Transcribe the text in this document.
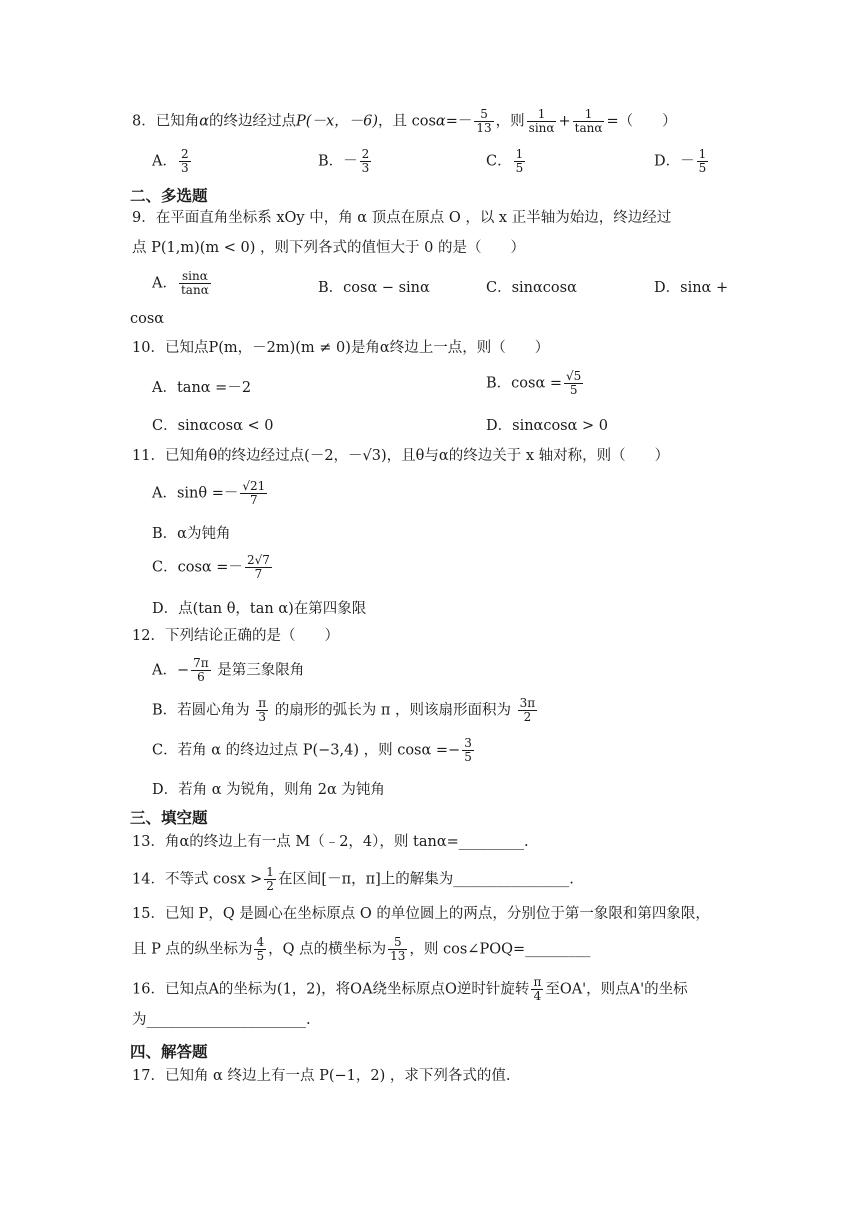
8．已知角α的终边经过点P(－x，－6)，且 $\cos\alpha=- \frac{5}{13}$ ，则 $\frac{1}{\sin\alpha} + \frac{1}{\tan\alpha}$ =（　　）
A． $\frac{2}{3}$	B．－ $\frac{2}{3}$	C． $\frac{1}{5}$	D．－ $\frac{1}{5}$
二、多选题
9．在平面直角坐标系 xOy 中，角 α 顶点在原点 O ，以 x 正半轴为始边，终边经过
点 P(1,m)(m < 0) ，则下列各式的值恒大于 0 的是（　　）
A． $\frac{\sin\alpha}{\tan\alpha}$	B．cosα − sinα	C．sinαcosα	D．sinα +
cosα
10．已知点P(m，－2m)(m ≠ 0)是角α终边上一点，则（　　）
A．tanα =－2	B．$\cos\alpha = \frac{√5}{5}$
C．sinαcosα < 0	D．sinαcosα > 0
11．已知角θ的终边经过点(－2，－√3)，且θ与α的终边关于 x 轴对称，则（　　）
A．$\sin\theta =- \frac{√21}{7}$
B．α为钝角
C．$\cos\alpha =- \frac{2√7}{7}$
D．点(tan θ，tan α)在第四象限
12．下列结论正确的是（　　）
A．− $\frac{7\pi}{6}$ 是第三象限角
B．若圆心角为 $\frac{\pi}{3}$ 的扇形的弧长为 π ，则该扇形面积为 $\frac{3\pi}{2}$
C．若角 α 的终边过点 P(−3,4) ，则 $\cos\alpha =- \frac{3}{5}$
D．若角 α 为锐角，则角 2α 为钝角
三、填空题
13．角α的终边上有一点 M（﹣2，4），则 tanα=_________.
14．不等式 $\cos x > \frac{1}{2}$ 在区间[－π，π]上的解集为________________.
15．已知 P，Q 是圆心在坐标原点 O 的单位圆上的两点，分别位于第一象限和第四象限，
且 P 点的纵坐标为 $\frac{4}{5}$ ，Q 点的横坐标为 $\frac{5}{13}$ ，则 cos∠POQ=_________
16．已知点A的坐标为(1，2)，将OA绕坐标原点O逆时针旋转 $\frac{\pi}{4}$ 至OA'，则点A'的坐标
为______________________.
四、解答题
17．已知角 α 终边上有一点 P(−1，2) ，求下列各式的值.
